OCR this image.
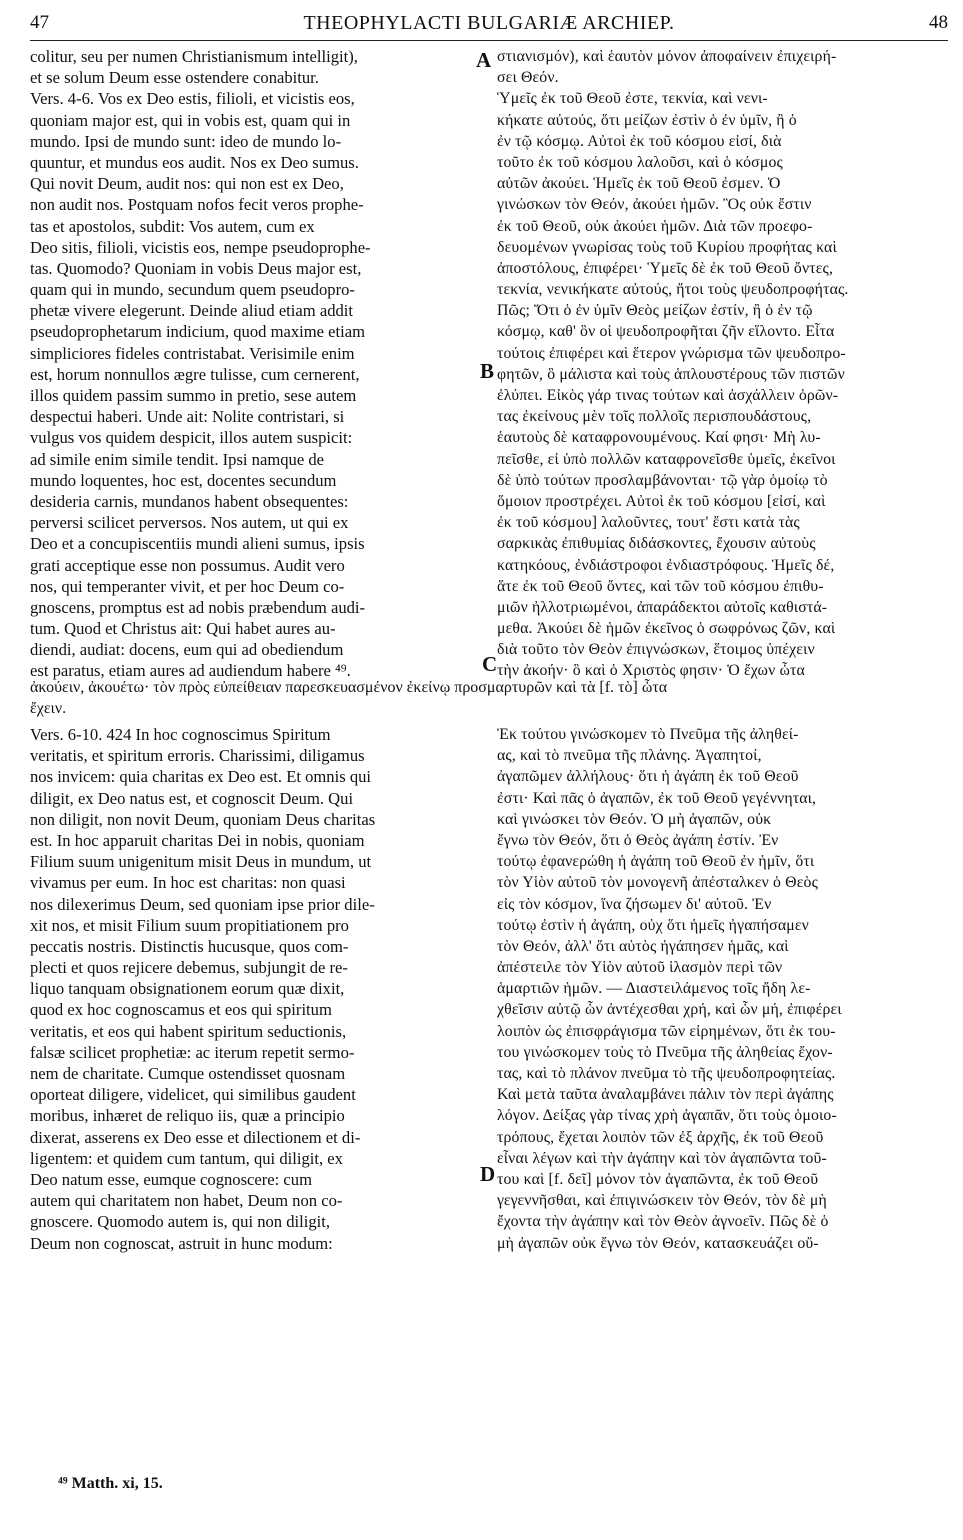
47	THEOPHYLACTI BULGARIÆ ARCHIEP.	48
colitur, seu per numen Christianismum intelligit),
et se solum Deum esse ostendere conabitur.
Vers. 4-6. Vos ex Deo estis, filioli, et vicistis eos,
quoniam major est, qui in vobis est, quam qui in
mundo. Ipsi de mundo sunt: ideo de mundo lo-
quuntur, et mundus eos audit. Nos ex Deo sumus.
Qui novit Deum, audit nos: qui non est ex Deo,
non audit nos. Postquam nofos fecit veros prophe-
tas et apostolos, subdit: Vos autem, cum ex
Deo sitis, filioli, vicistis eos, nempe pseudoprophe-
tas. Quomodo? Quoniam in vobis Deus major est,
quam qui in mundo, secundum quem pseudopro-
phetæ vivere elegerunt. Deinde aliud etiam addit
pseudoprophetarum indicium, quod maxime etiam
simpliciores fideles contristabat. Verisimile enim
est, horum nonnullos ægre tulisse, cum cernerent,
illos quidem passim summo in pretio, sese autem
despectui haberi. Unde ait: Nolite contristari, si
vulgus vos quidem despicit, illos autem suspicit:
ad simile enim simile tendit. Ipsi namque de
mundo loquentes, hoc est, docentes secundum
desideria carnis, mundanos habent obsequentes:
perversi scilicet perversos. Nos autem, ut qui ex
Deo et a concupiscentiis mundi alieni sumus, ipsis
grati acceptique esse non possumus. Audit vero
nos, qui temperanter vivit, et per hoc Deum co-
gnoscens, promptus est ad nobis præbendum audi-
tum. Quod et Christus ait: Qui habet aures au-
diendi, audiat: docens, eum qui ad obediendum
est paratus, etiam aures ad audiendum habere ⁴⁹.
Vers. 6-10. 424 In hoc cognoscimus Spiritum
veritatis, et spiritum erroris. Charissimi, diligamus
nos invicem: quia charitas ex Deo est. Et omnis qui
diligit, ex Deo natus est, et cognoscit Deum. Qui
non diligit, non novit Deum, quoniam Deus charitas
est. In hoc apparuit charitas Dei in nobis, quoniam
Filium suum unigenitum misit Deus in mundum, ut
vivamus per eum. In hoc est charitas: non quasi
nos dilexerimus Deum, sed quoniam ipse prior dile-
xit nos, et misit Filium suum propitiationem pro
peccatis nostris. Distinctis hucusque, quos com-
plecti et quos rejicere debemus, subjungit de re-
liquo tanquam obsignationem eorum quæ dixit,
quod ex hoc cognoscamus et eos qui spiritum
veritatis, et eos qui habent spiritum seductionis,
falsæ scilicet prophetiæ: ac iterum repetit sermo-
nem de charitate. Cumque ostendisset quosnam
oporteat diligere, videlicet, qui similibus gaudent
moribus, inhæret de reliquo iis, quæ a principio
dixerat, asserens ex Deo esse et dilectionem et di-
ligentem: et quidem cum tantum, qui diligit, ex
Deo natum esse, eumque cognoscere: cum
autem qui charitatem non habet, Deum non co-
gnoscere. Quomodo autem is, qui non diligit,
Deum non cognoscat, astruit in hunc modum:
στιανισμόν), καὶ ἑαυτὸν μόνον ἀποφαίνειν ἐπιχειρή-
σει Θεόν.
Ὑμεῖς ἐκ τοῦ Θεοῦ ἐστε, τεκνία, καὶ νενι-
κήκατε αὐτούς, ὅτι μείζων ἐστὶν ὁ ἐν ὑμῖν, ἢ ὁ
ἐν τῷ κόσμῳ. Αὐτοὶ ἐκ τοῦ κόσμου εἰσί, διὰ
τοῦτο ἐκ τοῦ κόσμου λαλοῦσι, καὶ ὁ κόσμος
αὐτῶν ἀκούει. Ἡμεῖς ἐκ τοῦ Θεοῦ ἐσμεν. Ὁ
γινώσκων τὸν Θεόν, ἀκούει ἡμῶν. Ὃς οὐκ ἔστιν
ἐκ τοῦ Θεοῦ, οὐκ ἀκούει ἡμῶν. Διὰ τῶν προεφο-
δευομένων γνωρίσας τοὺς τοῦ Κυρίου προφήτας καὶ
ἀποστόλους, ἐπιφέρει· Ὑμεῖς δὲ ἐκ τοῦ Θεοῦ ὄντες,
τεκνία, νενικήκατε αὐτούς, ἤτοι τοὺς ψευδοπροφήτας.
Πῶς; Ὅτι ὁ ἐν ὑμῖν Θεὸς μείζων ἐστίν, ἢ ὁ ἐν τῷ
κόσμῳ, καθ' ὃν οἱ ψευδοπροφῆται ζῆν εἵλοντο. Εἶτα
τούτοις ἐπιφέρει καὶ ἕτερον γνώρισμα τῶν ψευδοπρο-
φητῶν, ὃ μάλιστα καὶ τοὺς ἁπλουστέρους τῶν πιστῶν
ἐλύπει. Εἰκὸς γάρ τινας τούτων καὶ ἀσχάλλειν ὁρῶν-
τας ἐκείνους μὲν τοῖς πολλοῖς περισπουδάστους,
ἑαυτοὺς δὲ καταφρονουμένους. Καί φησι· Μὴ λυ-
πεῖσθε, εἰ ὑπὸ πολλῶν καταφρονεῖσθε ὑμεῖς, ἐκεῖνοι
δὲ ὑπὸ τούτων προσλαμβάνονται· τῷ γὰρ ὁμοίῳ τὸ
ὅμοιον προστρέχει. Αὐτοὶ ἐκ τοῦ κόσμου [εἰσί, καὶ
ἐκ τοῦ κόσμου] λαλοῦντες, τουτ' ἔστι κατὰ τὰς
σαρκικὰς ἐπιθυμίας διδάσκοντες, ἔχουσιν αὐτοὺς
κατηκόους, ἐνδιάστροφοι ἐνδιαστρόφους. Ἡμεῖς δέ,
ἅτε ἐκ τοῦ Θεοῦ ὄντες, καὶ τῶν τοῦ κόσμου ἐπιθυ-
μιῶν ἠλλοτριωμένοι, ἀπαράδεκτοι αὐτοῖς καθιστά-
μεθα. Ἀκούει δὲ ἡμῶν ἐκεῖνος ὁ σωφρόνως ζῶν, καὶ
διὰ τοῦτο τὸν Θεὸν ἐπιγνώσκων, ἕτοιμος ὑπέχειν
τὴν ἀκοήν· ὃ καὶ ὁ Χριστὸς φησιν· Ὁ ἔχων ὦτα
Ἐκ τούτου γινώσκομεν τὸ Πνεῦμα τῆς ἀληθεί-
ας, καὶ τὸ πνεῦμα τῆς πλάνης. Ἀγαπητοί,
ἀγαπῶμεν ἀλλήλους· ὅτι ἡ ἀγάπη ἐκ τοῦ Θεοῦ
ἐστι· Καὶ πᾶς ὁ ἀγαπῶν, ἐκ τοῦ Θεοῦ γεγέννηται,
καὶ γινώσκει τὸν Θεόν. Ὁ μὴ ἀγαπῶν, οὐκ
ἔγνω τὸν Θεόν, ὅτι ὁ Θεὸς ἀγάπη ἐστίν. Ἐν
τούτῳ ἐφανερώθη ἡ ἀγάπη τοῦ Θεοῦ ἐν ἡμῖν, ὅτι
τὸν Υἱὸν αὐτοῦ τὸν μονογενῆ ἀπέσταλκεν ὁ Θεὸς
εἰς τὸν κόσμον, ἵνα ζήσωμεν δι' αὐτοῦ. Ἐν
τούτῳ ἐστὶν ἡ ἀγάπη, οὐχ ὅτι ἡμεῖς ἠγαπήσαμεν
τὸν Θεόν, ἀλλ' ὅτι αὐτὸς ἠγάπησεν ἡμᾶς, καὶ
ἀπέστειλε τὸν Υἱὸν αὐτοῦ ἱλασμὸν περὶ τῶν
ἁμαρτιῶν ἡμῶν. — Διαστειλάμενος τοῖς ἤδη λε-
χθεῖσιν αὐτῷ ὧν ἀντέχεσθαι χρή, καὶ ὧν μή, ἐπιφέρει
λοιπὸν ὡς ἐπισφράγισμα τῶν εἰρημένων, ὅτι ἐκ του-
του γινώσκομεν τοὺς τὸ Πνεῦμα τῆς ἀληθείας ἔχον-
τας, καὶ τὸ πλάνον πνεῦμα τὸ τῆς ψευδοπροφητείας.
Καὶ μετὰ ταῦτα ἀναλαμβάνει πάλιν τὸν περὶ ἀγάπης
λόγον. Δείξας γὰρ τίνας χρὴ ἀγαπᾶν, ὅτι τοὺς ὁμοιο-
τρόπους, ἔχεται λοιπὸν τῶν ἐξ ἀρχῆς, ἐκ τοῦ Θεοῦ
εἶναι λέγων καὶ τὴν ἀγάπην καὶ τὸν ἀγαπῶντα τοῦ-
του καὶ [f. δεῖ] μόνον τὸν ἀγαπῶντα, ἐκ τοῦ Θεοῦ
γεγεννῆσθαι, καὶ ἐπιγινώσκειν τὸν Θεόν, τὸν δὲ μὴ
ἔχοντα τὴν ἀγάπην καὶ τὸν Θεὸν ἀγνοεῖν. Πῶς δὲ ὁ
μὴ ἀγαπῶν οὐκ ἔγνω τὸν Θεόν, κατασκευάζει οὔ-
ἀκούειν, ἀκουέτω· τὸν πρὸς εὐπείθειαν παρεσκευασμένον ἐκείνῳ προσμαρτυρῶν καὶ τὰ [f. τὸ] ὦτα
ἔχειν.
A
B
C
D
⁴⁹ Matth. xi, 15.
